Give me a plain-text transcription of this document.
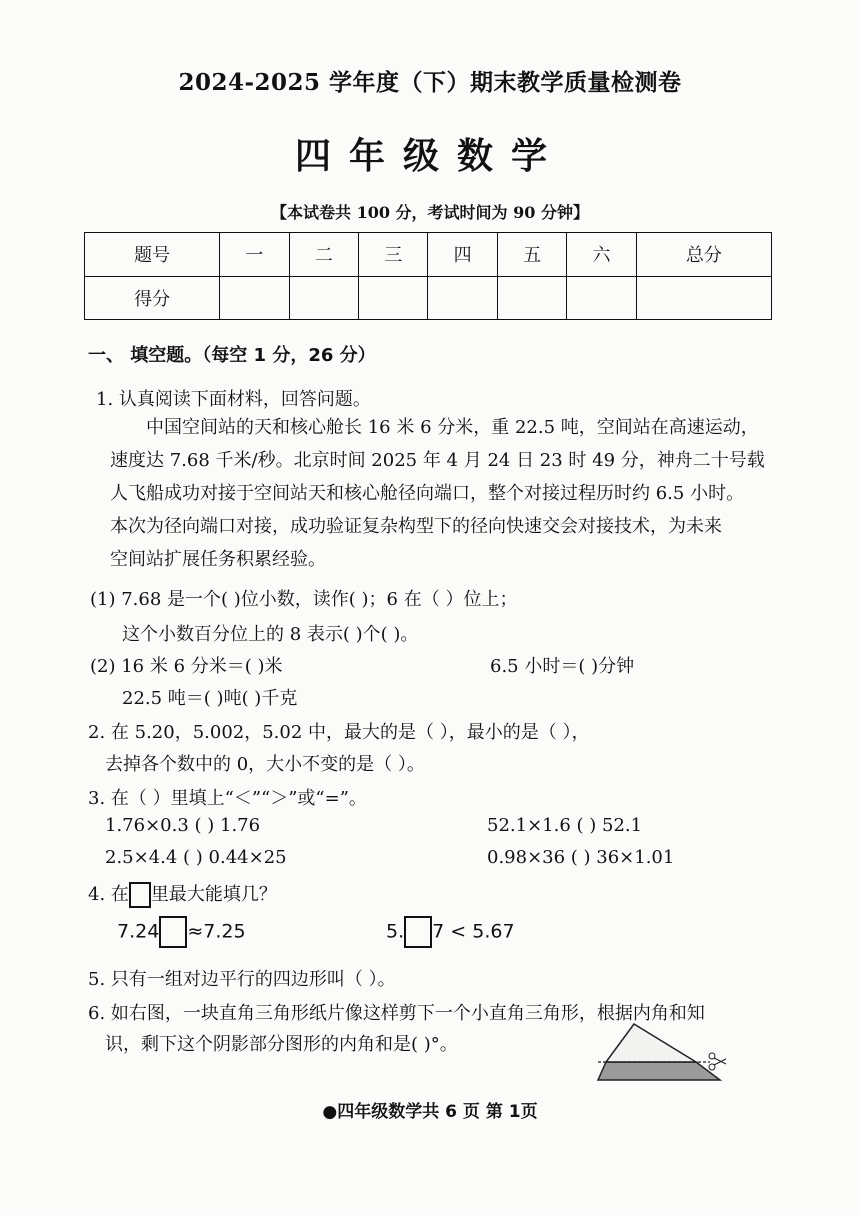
2024-2025 学年度（下）期末教学质量检测卷
四年级数学
【本试卷共 100 分，考试时间为 90 分钟】
题号	一	二	三	四	五	六	总分
得分							
一、 填空题。（每空 1 分，26 分）
1. 认真阅读下面材料，回答问题。
中国空间站的天和核心舱长 16 米 6 分米，重 22.5 吨，空间站在高速运动，
速度达 7.68 千米/秒。北京时间 2025 年 4 月 24 日 23 时 49 分，神舟二十号载
人飞船成功对接于空间站天和核心舱径向端口，整个对接过程历时约 6.5 小时。
本次为径向端口对接，成功验证复杂构型下的径向快速交会对接技术，为未来
空间站扩展任务积累经验。
(1) 7.68 是一个( )位小数，读作( )；6 在（ ）位上；
这个小数百分位上的 8 表示( )个( )。
(2) 16 米 6 分米＝( )米	6.5 小时＝( )分钟
22.5 吨＝( )吨( )千克
2. 在 5.20，5.002，5.02 中，最大的是（ ），最小的是（ ），
去掉各个数中的 0，大小不变的是（ ）。
3. 在（ ）里填上“＜”“＞”或“=”。
1.76×0.3 ( ) 1.76	52.1×1.6 ( ) 52.1
2.5×4.4 ( ) 0.44×25	0.98×36 ( ) 36×1.01
4. 在 里最大能填几？
7.24 ≈7.25	5. 7 < 5.67
5. 只有一组对边平行的四边形叫（ ）。
6. 如右图，一块直角三角形纸片像这样剪下一个小直角三角形，根据内角和知
识，剩下这个阴影部分图形的内角和是( )°。
●四年级数学共 6 页 第 1页
